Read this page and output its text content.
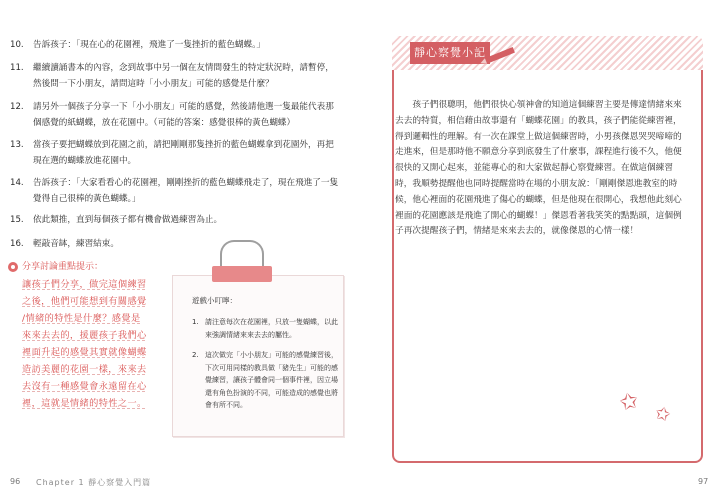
10.	告訴孩子：「現在心的花園裡，飛進了一隻挫折的藍色蝴蝶。」
11.	繼續讀誦書本的內容，念到故事中另一個在友情間發生的特定狀況時，請暫停，然後問一下小朋友，請問這時「小小朋友」可能的感覺是什麼？
12.	請另外一個孩子分享一下「小小朋友」可能的感覺，然後請他選一隻最能代表那個感覺的紙蝴蝶，放在花園中。（可能的答案：感覺很棒的黃色蝴蝶）
13.	當孩子要把蝴蝶放到花園之前，請把剛剛那隻挫折的藍色蝴蝶拿到花園外，再把現在選的蝴蝶放進花園中。
14.	告訴孩子：「大家看看心的花園裡，剛剛挫折的藍色蝴蝶飛走了，現在飛進了一隻覺得自己很棒的黃色蝴蝶。」
15.	依此類推，直到每個孩子都有機會做過練習為止。
16.	輕敲音缽，練習結束。
分享討論重點提示：
讓孩子們分享，做完這個練習
之後，他們可能想到有關感覺
/情緒的特性是什麼？感覺是
來來去去的，援麗孩子我們心
裡面升起的感覺其實就像蝴蝶
造訪美麗的花園一樣，來來去
去沒有一種感覺會永遠留在心
裡，這就是情緒的特性之一。
遊戲小叮嚀：
1. 請注意每次在花園裡，只放一隻蝴蝶，以此來強調情緒來來去去的屬性。
2. 這次做完「小小朋友」可能的感覺練習後，下次可用同樣的教具做「豬先生」可能的感覺練習，讓孩子體會同一個事件裡，因立場還有角色扮演的不同，可能造成的感覺也將會有所不同。
96 Chapter 1 靜心察覺入門篇
靜心察覺小記

孩子們很聰明，他們很快心領神會的知道這個練習主要是傳達情緒來來去去的特質，相信藉由故事還有「蝴蝶花園」的教具，孩子們能從練習裡，得到邏輯性的理解。有一次在課堂上做這個練習時，小男孩傑恩哭哭啼啼的走進來，但是那時他不願意分享到底發生了什麼事，課程進行後不久，他便很快的又開心起來，並能專心的和大家做起靜心察覺練習。在做這個練習時，我順勢提醒他也同時提醒當時在場的小朋友說：「剛剛傑恩進教室的時候，他心裡面的花園飛進了傷心的蝴蝶，但是他現在很開心，我想他此刻心裡面的花園應該是飛進了開心的蝴蝶！」傑恩看著我笑笑的點點頭，這個例子再次提醒孩子們，情緒是來來去去的，就像傑恩的心情一樣！

✩ ✩
97
